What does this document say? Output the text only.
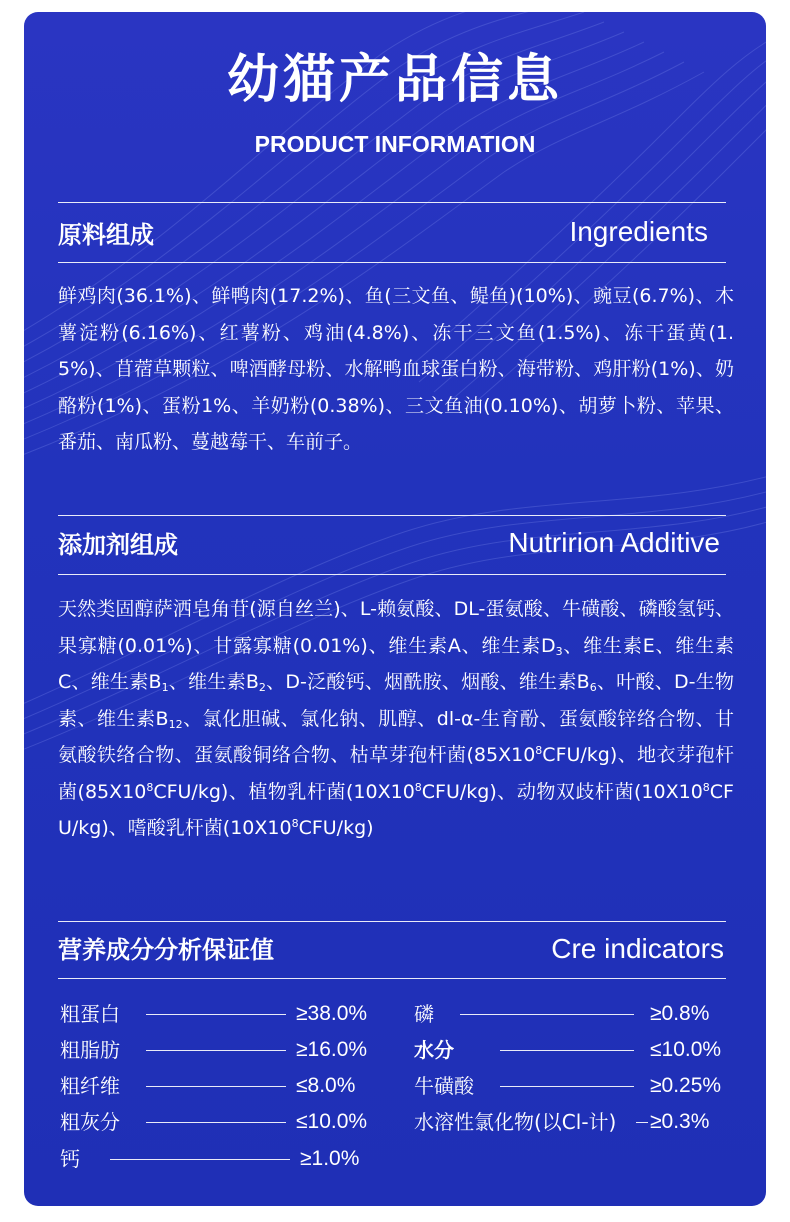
幼猫产品信息
PRODUCT INFORMATION
原料组成	Ingredients
鲜鸡肉(36.1%)、鲜鸭肉(17.2%)、鱼(三文鱼、鳀鱼)(10%)、豌豆(6.7%)、木薯淀粉(6.16%)、红薯粉、鸡油(4.8%)、冻干三文鱼(1.5%)、冻干蛋黄(1.5%)、苜蓿草颗粒、啤酒酵母粉、水解鸭血球蛋白粉、海带粉、鸡肝粉(1%)、奶酪粉(1%)、蛋粉1%、羊奶粉(0.38%)、三文鱼油(0.10%)、胡萝卜粉、苹果、番茄、南瓜粉、蔓越莓干、车前子。
添加剂组成	Nutririon Additive
天然类固醇萨洒皂角苷(源自丝兰)、L-赖氨酸、DL-蛋氨酸、牛磺酸、磷酸氢钙、果寡糖(0.01%)、甘露寡糖(0.01%)、维生素A、维生素$D_3$、维生素E、维生素C、维生素$B_1$、维生素$B_2$、D-泛酸钙、烟酰胺、烟酸、维生素$B_6$、叶酸、D-生物素、维生素$B_{12}$、氯化胆碱、氯化钠、肌醇、dl-α-生育酚、蛋氨酸锌络合物、甘氨酸铁络合物、蛋氨酸铜络合物、枯草芽孢杆菌$(85X10^8CFU/kg)$、地衣芽孢杆菌$(85X10^8CFU/kg)$、植物乳杆菌$(10X10^8CFU/kg)$、动物双歧杆菌$(10X10^8CFU/kg)$、嗜酸乳杆菌$(10X10^8CFU/kg)$
营养成分分析保证值	Cre indicators
粗蛋白	≥38.0%
粗脂肪	≥16.0%
粗纤维	≤8.0%
粗灰分	≤10.0%
钙	≥1.0%
磷	≥0.8%
水分	≤10.0%
牛磺酸	≥0.25%
水溶性氯化物(以Cl-计) ≥0.3%
